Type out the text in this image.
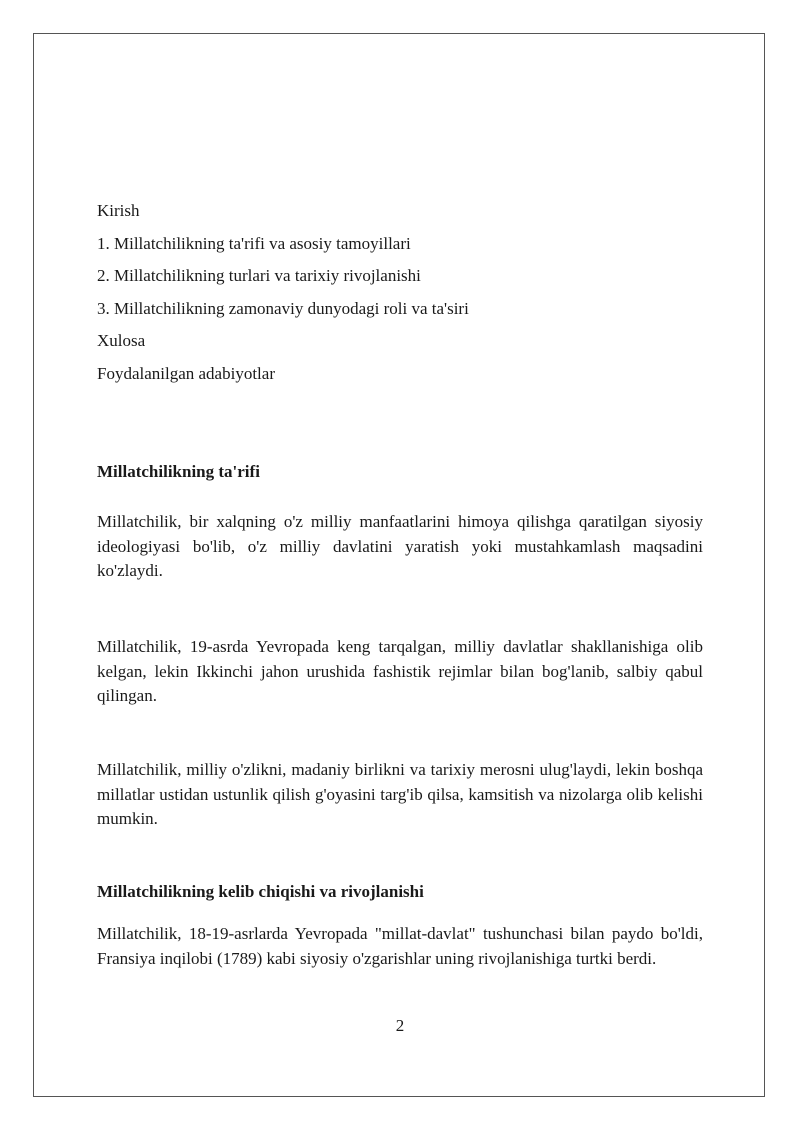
Kirish
1. Millatchilikning ta'rifi va asosiy tamoyillari
2. Millatchilikning turlari va tarixiy rivojlanishi
3. Millatchilikning zamonaviy dunyodagi roli va ta'siri
Xulosa
Foydalanilgan adabiyotlar
Millatchilikning ta'rifi
Millatchilik, bir xalqning o'z milliy manfaatlarini himoya qilishga qaratilgan siyosiy ideologiyasi bo'lib, o'z milliy davlatini yaratish yoki mustahkamlash maqsadini ko'zlaydi.
Millatchilik, 19-asrda Yevropada keng tarqalgan, milliy davlatlar shakllanishiga olib kelgan, lekin Ikkinchi jahon urushida fashistik rejimlar bilan bog'lanib, salbiy qabul qilingan.
Millatchilik, milliy o'zlikni, madaniy birlikni va tarixiy merosni ulug'laydi, lekin boshqa millatlar ustidan ustunlik qilish g'oyasini targ'ib qilsa, kamsitish va nizolarga olib kelishi mumkin.
Millatchilikning kelib chiqishi va rivojlanishi
Millatchilik, 18-19-asrlarda Yevropada "millat-davlat" tushunchasi bilan paydo bo'ldi, Fransiya inqilobi (1789) kabi siyosiy o'zgarishlar uning rivojlanishiga turtki berdi.
2
